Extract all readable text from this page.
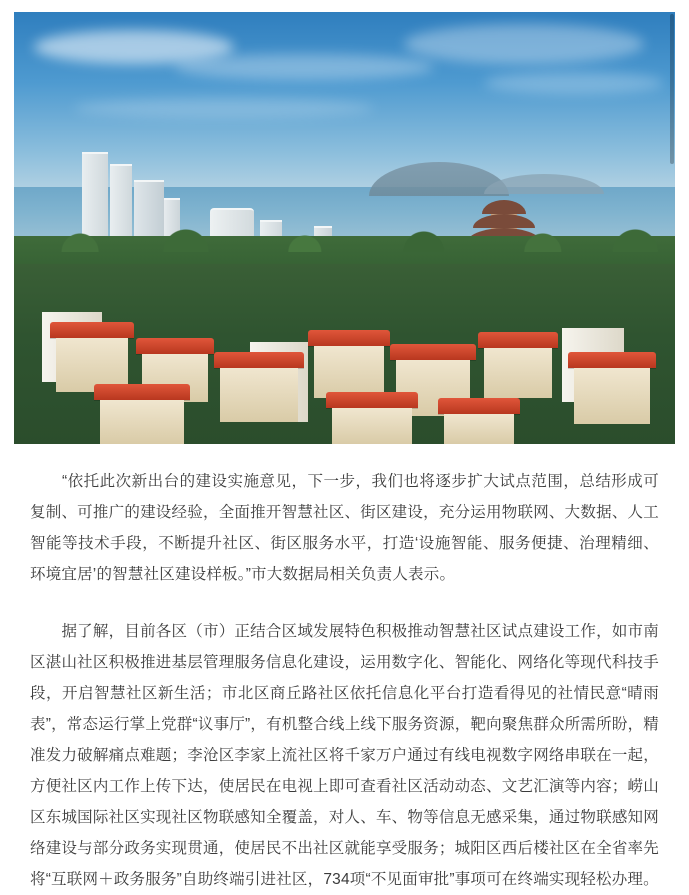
　　“依托此次新出台的建设实施意见，下一步，我们也将逐步扩大试点范围，总结形成可复制、可推广的建设经验，全面推开智慧社区、街区建设，充分运用物联网、大数据、人工智能等技术手段，不断提升社区、街区服务水平，打造‘设施智能、服务便捷、治理精细、环境宜居’的智慧社区建设样板。”市大数据局相关负责人表示。

　　据了解，目前各区（市）正结合区域发展特色积极推动智慧社区试点建设工作，如市南区湛山社区积极推进基层管理服务信息化建设，运用数字化、智能化、网络化等现代科技手段，开启智慧社区新生活；市北区商丘路社区依托信息化平台打造看得见的社情民意“晴雨表”，常态运行掌上党群“议事厅”，有机整合线上线下服务资源，靶向聚焦群众所需所盼，精准发力破解痛点难题；李沧区李家上流社区将千家万户通过有线电视数字网络串联在一起，方便社区内工作上传下达，使居民在电视上即可查看社区活动动态、文艺汇演等内容；崂山区东城国际社区实现社区物联感知全覆盖，对人、车、物等信息无感采集，通过物联感知网络建设与部分政务实现贯通，使居民不出社区就能享受服务；城阳区西后楼社区在全省率先将“互联网＋政务服务”自助终端引进社区，734项“不见面审批”事项可在终端实现轻松办理。
